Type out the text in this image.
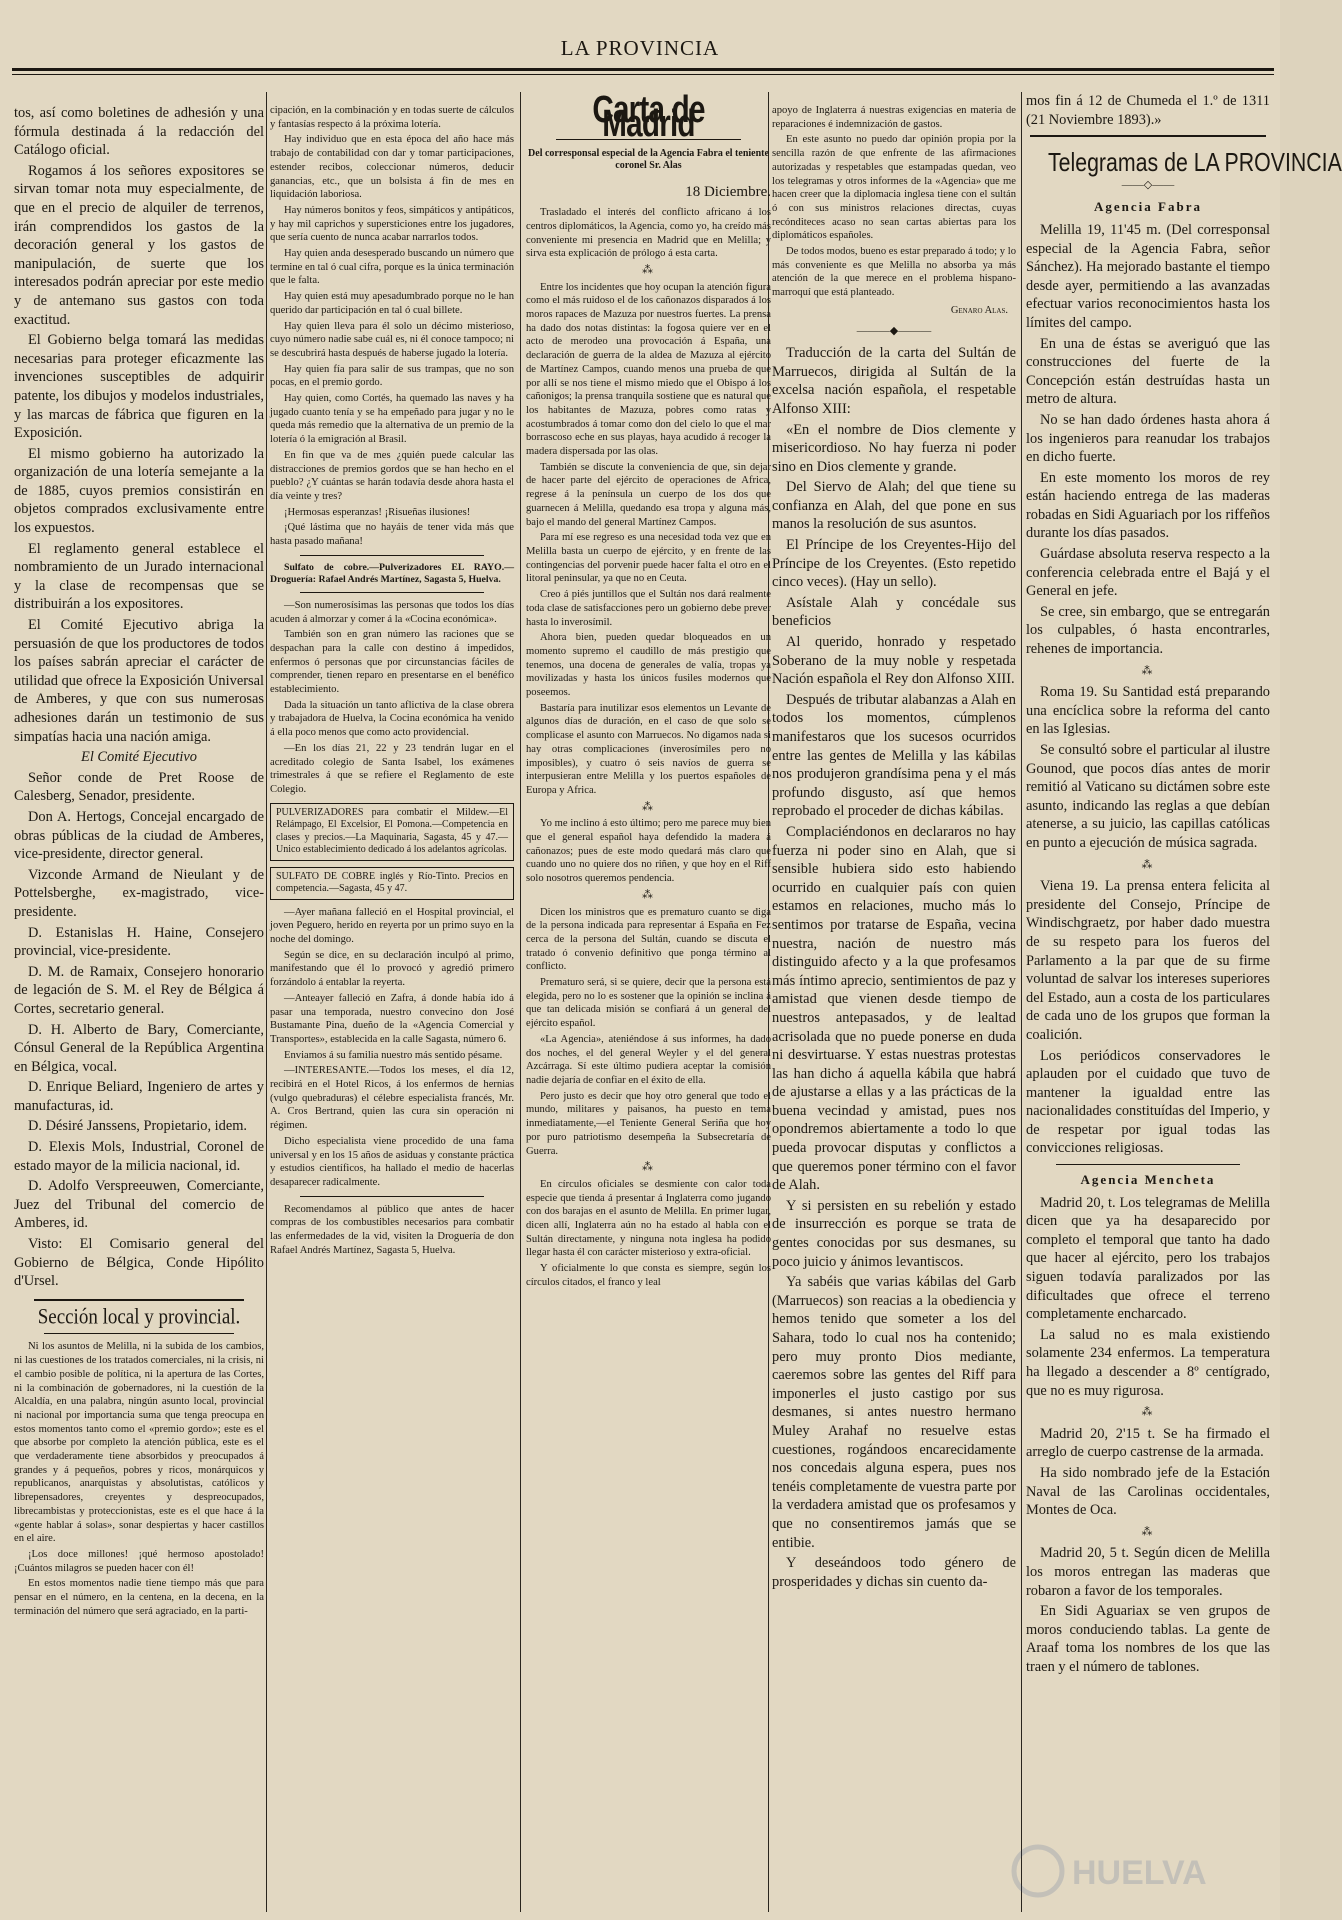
LA PROVINCIA

tos, así como boletines de adhesión y una fórmula destinada á la redacción del Catálogo oficial.

Rogamos á los señores expositores se sirvan tomar nota muy especialmente, de que en el precio de alquiler de terrenos, irán comprendidos los gastos de la decoración general y los gastos de manipulación, de suerte que los interesados podrán apreciar por este medio y de antemano sus gastos con toda exactitud.

El Gobierno belga tomará las medidas necesarias para proteger eficazmente las invenciones susceptibles de adquirir patente, los dibujos y modelos industriales, y las marcas de fábrica que figuren en la Exposición.

El mismo gobierno ha autorizado la organización de una lotería semejante a la de 1885, cuyos premios consistirán en objetos comprados exclusivamente entre los expuestos.

El reglamento general establece el nombramiento de un Jurado internacional y la clase de recompensas que se distribuirán a los expositores.

El Comité Ejecutivo abriga la persuasión de que los productores de todos los países sabrán apreciar el carácter de utilidad que ofrece la Exposición Universal de Amberes, y que con sus numerosas adhesiones darán un testimonio de sus simpatías hacia una nación amiga.

El Comité Ejecutivo

Señor conde de Pret Roose de Calesberg, Senador, presidente.

Don A. Hertogs, Concejal encargado de obras públicas de la ciudad de Amberes, vice-presidente, director general.

Vizconde Armand de Nieulant y de Pottelsberghe, ex-magistrado, vice-presidente.

D. Estanislas H. Haine, Consejero provincial, vice-presidente.

D. M. de Ramaix, Consejero honorario de legación de S. M. el Rey de Bélgica á Cortes, secretario general.

D. H. Alberto de Bary, Comerciante, Cónsul General de la República Argentina en Bélgica, vocal.

D. Enrique Beliard, Ingeniero de artes y manufacturas, id.

D. Désiré Janssens, Propietario, idem.

D. Elexis Mols, Industrial, Coronel de estado mayor de la milicia nacional, id.

D. Adolfo Verspreeuwen, Comerciante, Juez del Tribunal del comercio de Amberes, id.

Visto: El Comisario general del Gobierno de Bélgica, Conde Hipólito d'Ursel.

Sección local y provincial.

Ni los asuntos de Melilla, ni la subida de los cambios, ni las cuestiones de los tratados comerciales, ni la crisis, ni el cambio posible de política, ni la apertura de las Cortes, ni la combinación de gobernadores, ni la cuestión de la Alcaldía, en una palabra, ningún asunto local, provincial ni nacional por importancia suma que tenga preocupa en estos momentos tanto como el «premio gordo»; este es el que absorbe por completo la atención pública, este es el que verdaderamente tiene absorbidos y preocupados á grandes y á pequeños, pobres y ricos, monárquicos y republicanos, anarquistas y absolutistas, católicos y librepensadores, creyentes y despreocupados, librecambistas y proteccionistas, este es el que hace á la «gente hablar á solas», sonar despiertas y hacer castillos en el aire.

¡Los doce millones! ¡qué hermoso apostolado! ¡Cuántos milagros se pueden hacer con él!

En estos momentos nadie tiene tiempo más que para pensar en el número, en la centena, en la decena, en la terminación del número que será agraciado, en la parti-

cipación, en la combinación y en todas suerte de cálculos y fantasías respecto á la próxima lotería.

Hay individuo que en esta época del año hace más trabajo de contabilidad con dar y tomar participaciones, estender recibos, coleccionar números, deducir ganancias, etc., que un bolsista á fin de mes en liquidación laboriosa.

Hay números bonitos y feos, simpáticos y antipáticos, y hay mil caprichos y supersticiones entre los jugadores, que sería cuento de nunca acabar narrarlos todos.

Hay quien anda desesperado buscando un número que termine en tal ó cual cifra, porque es la única terminación que le falta.

Hay quien está muy apesadumbrado porque no le han querido dar participación en tal ó cual billete.

Hay quien lleva para él solo un décimo misterioso, cuyo número nadie sabe cuál es, ni él conoce tampoco; ni se descubrirá hasta después de haberse jugado la lotería.

Hay quien fía para salir de sus trampas, que no son pocas, en el premio gordo.

Hay quien, como Cortés, ha quemado las naves y ha jugado cuanto tenía y se ha empeñado para jugar y no le queda más remedio que la alternativa de un premio de la lotería ó la emigración al Brasil.

En fin que va de mes ¿quién puede calcular las distracciones de premios gordos que se han hecho en el pueblo? ¿Y cuántas se harán todavía desde ahora hasta el día veinte y tres?

¡Hermosas esperanzas! ¡Risueñas ilusiones!

¡Qué lástima que no hayáis de tener vida más que hasta pasado mañana!

Sulfato de cobre.—Pulverizadores EL RAYO.—Droguería: Rafael Andrés Martínez, Sagasta 5, Huelva.

—Son numerosísimas las personas que todos los días acuden á almorzar y comer á la «Cocina económica».

También son en gran número las raciones que se despachan para la calle con destino á impedidos, enfermos ó personas que por circunstancias fáciles de comprender, tienen reparo en presentarse en el benéfico establecimiento.

Dada la situación un tanto aflictiva de la clase obrera y trabajadora de Huelva, la Cocina económica ha venido á ella poco menos que como acto providencial.

—En los días 21, 22 y 23 tendrán lugar en el acreditado colegio de Santa Isabel, los exámenes trimestrales á que se refiere el Reglamento de este Colegio.

PULVERIZADORES para combatir el Mildew.—El Relámpago, El Excelsior, El Pomona.—Competencia en clases y precios.—La Maquinaria, Sagasta, 45 y 47.—Unico establecimiento dedicado á los adelantos agrícolas.
SULFATO DE COBRE inglés y Río-Tinto. Precios en competencia.—Sagasta, 45 y 47.

—Ayer mañana falleció en el Hospital provincial, el joven Peguero, herido en reyerta por un primo suyo en la noche del domingo.

Según se dice, en su declaración inculpó al primo, manifestando que él lo provocó y agredió primero forzándolo á entablar la reyerta.

—Anteayer falleció en Zafra, á donde había ido á pasar una temporada, nuestro convecino don José Bustamante Pina, dueño de la «Agencia Comercial y Transportes», establecida en la calle Sagasta, número 6.

Enviamos á su familia nuestro más sentido pésame.

—INTERESANTE.—Todos los meses, el día 12, recibirá en el Hotel Ricos, á los enfermos de hernias (vulgo quebraduras) el célebre especialista francés, Mr. A. Cros Bertrand, quien las cura sin operación ni régimen.

Dicho especialista viene procedido de una fama universal y en los 15 años de asiduas y constante práctica y estudios científicos, ha hallado el medio de hacerlas desaparecer radicalmente.

Recomendamos al público que antes de hacer compras de los combustibles necesarios para combatir las enfermedades de la vid, visiten la Droguería de don Rafael Andrés Martínez, Sagasta 5, Huelva.

Carta de Madrid

Del corresponsal especial de la Agencia Fabra el teniente coronel Sr. Alas

18 Diciembre.

Trasladado el interés del conflicto africano á los centros diplomáticos, la Agencia, como yo, ha creído más conveniente mi presencia en Madrid que en Melilla; y sirva esta explicación de prólogo á esta carta.

⁂

Entre los incidentes que hoy ocupan la atención figura como el más ruidoso el de los cañonazos disparados á los moros rapaces de Mazuza por nuestros fuertes. La prensa ha dado dos notas distintas: la fogosa quiere ver en el acto de merodeo una provocación á España, una declaración de guerra de la aldea de Mazuza al ejército de Martínez Campos, cuando menos una prueba de que por allí se nos tiene el mismo miedo que el Obispo á los cañonigos; la prensa tranquila sostiene que es natural que los habitantes de Mazuza, pobres como ratas y acostumbrados á tomar como don del cielo lo que el mar borrascoso eche en sus playas, haya acudido á recoger la madera dispersada por las olas.

También se discute la conveniencia de que, sin dejar de hacer parte del ejército de operaciones de Africa, regrese á la península un cuerpo de los dos que guarnecen á Melilla, quedando esa tropa y alguna más, bajo el mando del general Martínez Campos.

Para mí ese regreso es una necesidad toda vez que en Melilla basta un cuerpo de ejército, y en frente de las contingencias del porvenir puede hacer falta el otro en el litoral peninsular, ya que no en Ceuta.

Creo á piés juntillos que el Sultán nos dará realmente toda clase de satisfacciones pero un gobierno debe prever hasta lo inverosímil.

Ahora bien, pueden quedar bloqueados en un momento supremo el caudillo de más prestigio que tenemos, una docena de generales de valía, tropas ya movilizadas y hasta los únicos fusiles modernos que poseemos.

Bastaría para inutilizar esos elementos un Levante de algunos días de duración, en el caso de que solo se complicase el asunto con Marruecos. No digamos nada si hay otras complicaciones (inverosímiles pero no imposibles), y cuatro ó seis navíos de guerra se interpusieran entre Melilla y los puertos españoles de Europa y Africa.

⁂

Yo me inclino á esto último; pero me parece muy bien que el general español haya defendido la madera á cañonazos; pues de este modo quedará más claro que cuando uno no quiere dos no riñen, y que hoy en el Riff solo nosotros queremos pendencia.

⁂

Dicen los ministros que es prematuro cuanto se diga de la persona indicada para representar á España en Fez cerca de la persona del Sultán, cuando se discuta el tratado ó convenio definitivo que ponga término al conflicto.

Prematuro será, si se quiere, decir que la persona está elegida, pero no lo es sostener que la opinión se inclina á que tan delicada misión se confiará á un general del ejército español.

«La Agencia», ateniéndose á sus informes, ha dado dos noches, el del general Weyler y el del general Azcárraga. Sí este último pudiera aceptar la comisión nadie dejaría de confiar en el éxito de ella.

Pero justo es decir que hoy otro general que todo el mundo, militares y paisanos, ha puesto en tema inmediatamente,—el Teniente General Seriña que hoy por puro patriotismo desempeña la Subsecretaría de Guerra.

⁂

En círculos oficiales se desmiente con calor toda especie que tienda á presentar á Inglaterra como jugando con dos barajas en el asunto de Melilla. En primer lugar, dicen allí, Inglaterra aún no ha estado al habla con el Sultán directamente, y ninguna nota inglesa ha podido llegar hasta él con carácter misterioso y extra-oficial.

Y oficialmente lo que consta es siempre, según los círculos citados, el franco y leal

apoyo de Inglaterra á nuestras exigencias en materia de reparaciones é indemnización de gastos.

En este asunto no puedo dar opinión propia por la sencilla razón de que enfrente de las afirmaciones autorizadas y respetables que estampadas quedan, veo los telegramas y otros informes de la «Agencia» que me hacen creer que la diplomacia inglesa tiene con el sultán ó con sus ministros relaciones directas, cuyas recónditeces acaso no sean cartas abiertas para los diplomáticos españoles.

De todos modos, bueno es estar preparado á todo; y lo más conveniente es que Melilla no absorba ya más atención de la que merece en el problema hispano-marroquí que está planteado.

Genaro Alas.

———◆———

Traducción de la carta del Sultán de Marruecos, dirigida al Sultán de la excelsa nación española, el respetable Alfonso XIII:

«En el nombre de Dios clemente y misericordioso. No hay fuerza ni poder sino en Dios clemente y grande.

Del Siervo de Alah; del que tiene su confianza en Alah, del que pone en sus manos la resolución de sus asuntos.

El Príncipe de los Creyentes-Hijo del Príncipe de los Creyentes. (Esto repetido cinco veces). (Hay un sello).

Asístale Alah y concédale sus beneficios

Al querido, honrado y respetado Soberano de la muy noble y respetada Nación española el Rey don Alfonso XIII.

Después de tributar alabanzas a Alah en todos los momentos, cúmplenos manifestaros que los sucesos ocurridos entre las gentes de Melilla y las kábilas nos produjeron grandísima pena y el más profundo disgusto, así que hemos reprobado el proceder de dichas kábilas.

Complaciéndonos en declararos no hay fuerza ni poder sino en Alah, que si sensible hubiera sido esto habiendo ocurrido en cualquier país con quien estamos en relaciones, mucho más lo sentimos por tratarse de España, vecina nuestra, nación de nuestro más distinguido afecto y a la que profesamos más íntimo aprecio, sentimientos de paz y amistad que vienen desde tiempo de nuestros antepasados, y de lealtad acrisolada que no puede ponerse en duda ni desvirtuarse. Y estas nuestras protestas las han dicho á aquella kábila que habrá de ajustarse a ellas y a las prácticas de la buena vecindad y amistad, pues nos opondremos abiertamente a todo lo que pueda provocar disputas y conflictos a que queremos poner término con el favor de Alah.

Y si persisten en su rebelión y estado de insurrección es porque se trata de gentes conocidas por sus desmanes, su poco juicio y ánimos levantiscos.

Ya sabéis que varias kábilas del Garb (Marruecos) son reacias a la obediencia y hemos tenido que someter a los del Sahara, todo lo cual nos ha contenido; pero muy pronto Dios mediante, caeremos sobre las gentes del Riff para imponerles el justo castigo por sus desmanes, si antes nuestro hermano Muley Arahaf no resuelve estas cuestiones, rogándoos encarecidamente nos concedais alguna espera, pues nos tenéis completamente de vuestra parte por la verdadera amistad que os profesamos y que no consentiremos jamás que se entibie.

Y deseándoos todo género de prosperidades y dichas sin cuento da-

mos fin á 12 de Chumeda el 1.º de 1311 (21 Noviembre 1893).»

Telegramas de LA PROVINCIA

——◇——

Agencia Fabra

Melilla 19, 11'45 m. (Del corresponsal especial de la Agencia Fabra, señor Sánchez). Ha mejorado bastante el tiempo desde ayer, permitiendo a las avanzadas efectuar varios reconocimientos hasta los límites del campo.

En una de éstas se averiguó que las construcciones del fuerte de la Concepción están destruídas hasta un metro de altura.

No se han dado órdenes hasta ahora á los ingenieros para reanudar los trabajos en dicho fuerte.

En este momento los moros de rey están haciendo entrega de las maderas robadas en Sidi Aguariach por los riffeños durante los días pasados.

Guárdase absoluta reserva respecto a la conferencia celebrada entre el Bajá y el General en jefe.

Se cree, sin embargo, que se entregarán los culpables, ó hasta encontrarles, rehenes de importancia.

⁂

Roma 19. Su Santidad está preparando una encíclica sobre la reforma del canto en las Iglesias.

Se consultó sobre el particular al ilustre Gounod, que pocos días antes de morir remitió al Vaticano su dictámen sobre este asunto, indicando las reglas a que debían atenerse, a su juicio, las capillas católicas en punto a ejecución de música sagrada.

⁂

Viena 19. La prensa entera felicita al presidente del Consejo, Príncipe de Windischgraetz, por haber dado muestra de su respeto para los fueros del Parlamento a la par que de su firme voluntad de salvar los intereses superiores del Estado, aun a costa de los particulares de cada uno de los grupos que forman la coalición.

Los periódicos conservadores le aplauden por el cuidado que tuvo de mantener la igualdad entre las nacionalidades constituídas del Imperio, y de respetar por igual todas las convicciones religiosas.

Agencia Mencheta

Madrid 20, t. Los telegramas de Melilla dicen que ya ha desaparecido por completo el temporal que tanto ha dado que hacer al ejército, pero los trabajos siguen todavía paralizados por las dificultades que ofrece el terreno completamente encharcado.

La salud no es mala existiendo solamente 234 enfermos. La temperatura ha llegado a descender a 8º centígrado, que no es muy rigurosa.

⁂

Madrid 20, 2'15 t. Se ha firmado el arreglo de cuerpo castrense de la armada.

Ha sido nombrado jefe de la Estación Naval de las Carolinas occidentales, Montes de Oca.

⁂

Madrid 20, 5 t. Según dicen de Melilla los moros entregan las maderas que robaron a favor de los temporales.

En Sidi Aguariax se ven grupos de moros conduciendo tablas. La gente de Araaf toma los nombres de los que las traen y el número de tablones.

HUELVA
